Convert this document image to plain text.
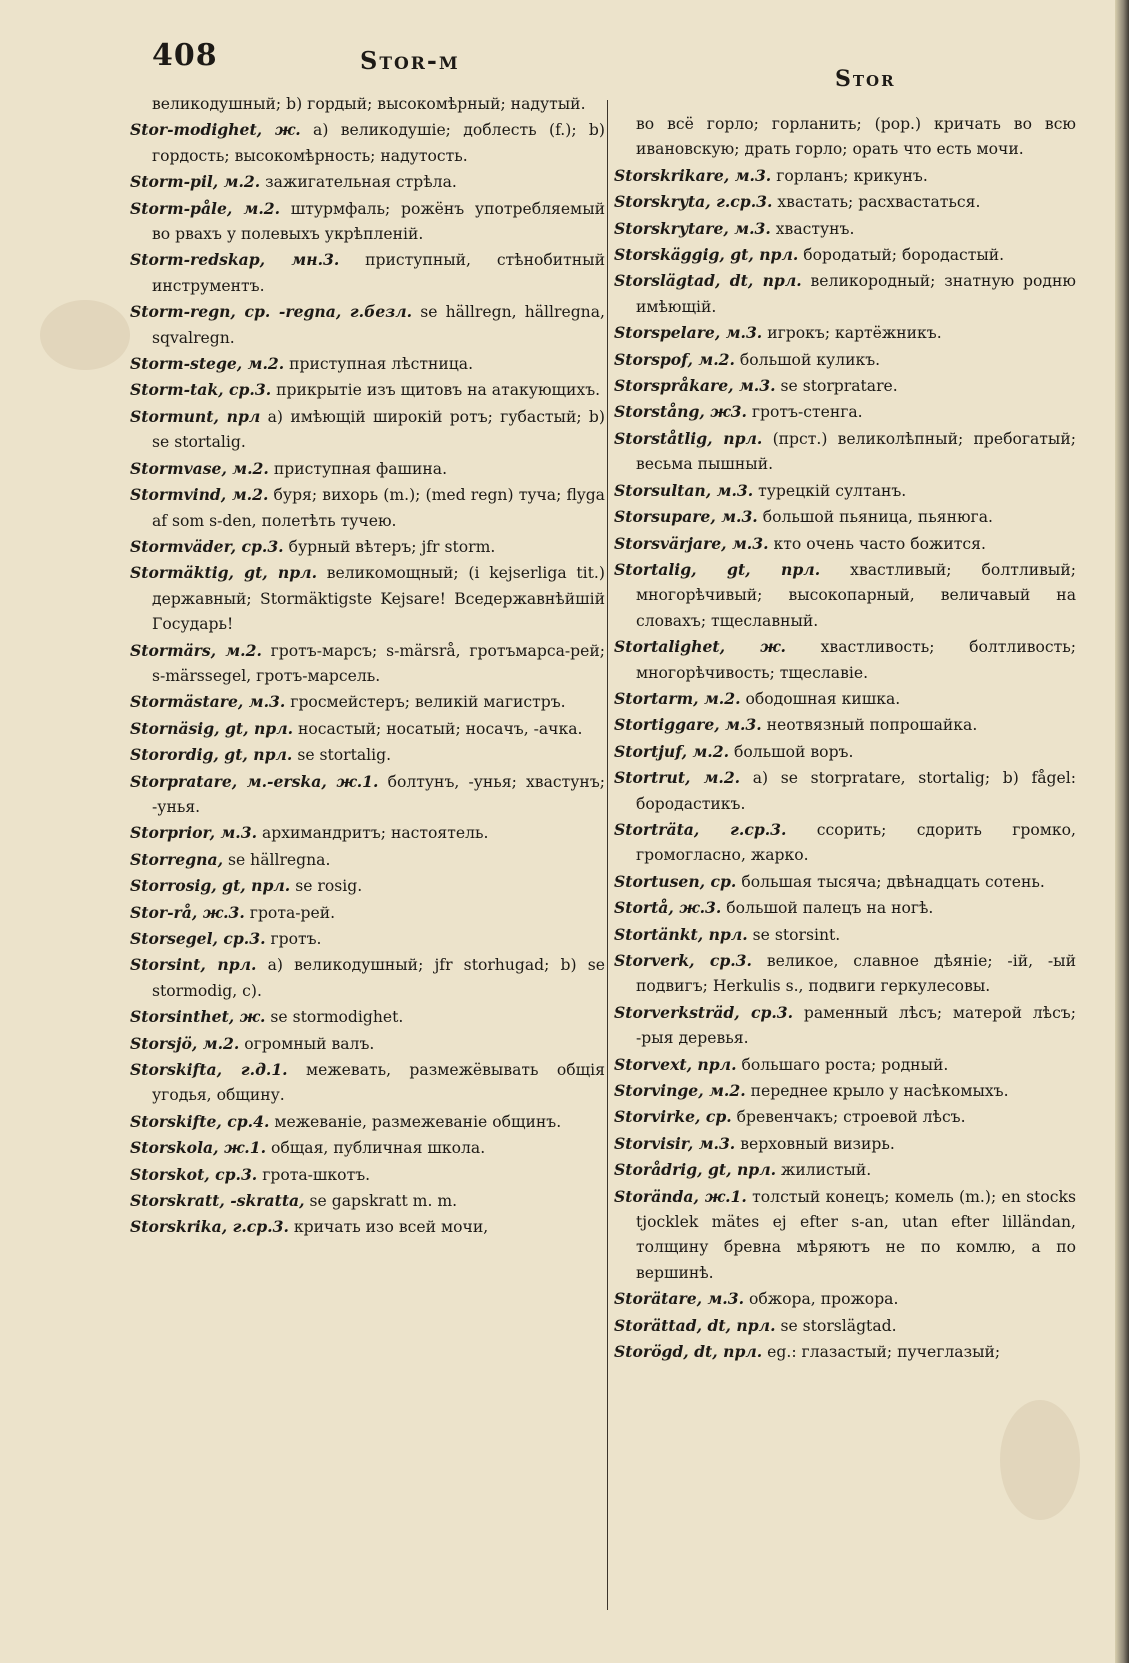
408	Stor-m
Stor

великодушный; b) гордый; высокомѣрный; надутый.

Stor-modighet, ж. a) великодушіе; доблесть (f.); b) гордость; высокомѣрность; надутость.

Storm-pil, м.2. зажигательная стрѣла.

Storm-påle, м.2. штурмфаль; рожёнъ употребляемый во рвахъ у полевыхъ укрѣпленій.

Storm-redskap, мн.3. приступный, стѣнобитный инструментъ.

Storm-regn, ср. -regna, г.безл. se hällregn, hällregna, sqvalregn.

Storm-stege, м.2. приступная лѣстница.

Storm-tak, ср.3. прикрытіе изъ щитовъ на атакующихъ.

Stormunt, прл a) имѣющій широкій ротъ; губастый; b) se stortalig.

Stormvase, м.2. приступная фашина.

Stormvind, м.2. буря; вихорь (m.); (med regn) туча; flyga af som s-den, полетѣть тучею.

Stormväder, ср.3. бурный вѣтеръ; jfr storm.

Stormäktig, gt, прл. великомощный; (i kejserliga tit.) державный; Stormäktigste Kejsare! Вседержавнѣйшій Государь!

Stormärs, м.2. гротъ-марсъ; s-märsrå, гротъмарса-рей; s-märssegel, гротъ-марсель.

Stormästare, м.3. гросмейстеръ; великій магистръ.

Stornäsig, gt, прл. носастый; носатый; носачъ, -ачка.

Storordig, gt, прл. se stortalig.

Storpratare, м.-erska, ж.1. болтунъ, -унья; хвастунъ; -унья.

Storprior, м.3. архимандритъ; настоятель.

Storregna, se hällregna.

Storrosig, gt, прл. se rosig.

Stor-rå, ж.3. грота-рей.

Storsegel, ср.3. гротъ.

Storsint, прл. a) великодушный; jfr storhugad; b) se stormodig, c).

Storsinthet, ж. se stormodighet.

Storsjö, м.2. огромный валъ.

Storskifta, г.д.1. межевать, размежёвывать общія угодья, общину.

Storskifte, ср.4. межеваніе, размежеваніе общинъ.

Storskola, ж.1. общая, публичная школа.

Storskot, ср.3. грота-шкотъ.

Storskratt, -skratta, se gapskratt m. m.

Storskrika, г.ср.3. кричать изо всей мочи,

во всё горло; горланить; (рор.) кричать во всю ивановскую; драть горло; орать что есть мочи.

Storskrikare, м.3. горланъ; крикунъ.

Storskryta, г.ср.3. хвастать; расхвастаться.

Storskrytare, м.3. хвастунъ.

Storskäggig, gt, прл. бородатый; бородастый.

Storslägtad, dt, прл. великородный; знатную родню имѣющій.

Storspelare, м.3. игрокъ; картёжникъ.

Storspof, м.2. большой куликъ.

Storspråkare, м.3. se storpratare.

Storstång, ж3. гротъ-стенга.

Storståtlig, прл. (прст.) великолѣпный; пребогатый; весьма пышный.

Storsultan, м.3. турецкій султанъ.

Storsupare, м.3. большой пьяница, пьянюга.

Storsvärjare, м.3. кто очень часто божится.

Stortalig, gt, прл. хвастливый; болтливый; многорѣчивый; высокопарный, величавый на словахъ; тщеславный.

Stortalighet, ж. хвастливость; болтливость; многорѣчивость; тщеславіе.

Stortarm, м.2. ободошная кишка.

Stortiggare, м.3. неотвязный попрошайка.

Stortjuf, м.2. большой воръ.

Stortrut, м.2. a) se storpratare, stortalig; b) fågel: бородастикъ.

Storträta, г.ср.3. ссорить; сдорить громко, громогласно, жарко.

Stortusen, ср. большая тысяча; двѣнадцать сотень.

Stortå, ж.3. большой палецъ на ногѣ.

Stortänkt, прл. se storsint.

Storverk, ср.3. великое, славное дѣяніе; -ій, -ый подвигъ; Herkulis s., подвиги геркулесовы.

Storverksträd, ср.3. раменный лѣсъ; матерой лѣсъ; -рыя деревья.

Storvext, прл. большаго роста; родный.

Storvinge, м.2. переднее крыло у насѣкомыхъ.

Storvirke, ср. бревенчакъ; строевой лѣсъ.

Storvisir, м.3. верховный визирь.

Storådrig, gt, прл. жилистый.

Storända, ж.1. толстый конецъ; комель (m.); en stocks tjocklek mätes ej efter s-an, utan efter lilländan, толщину бревна мѣряютъ не по комлю, а по вершинѣ.

Storätare, м.3. обжора, прожора.

Storättad, dt, прл. se storslägtad.

Storögd, dt, прл. eg.: глазастый; пучеглазый;
